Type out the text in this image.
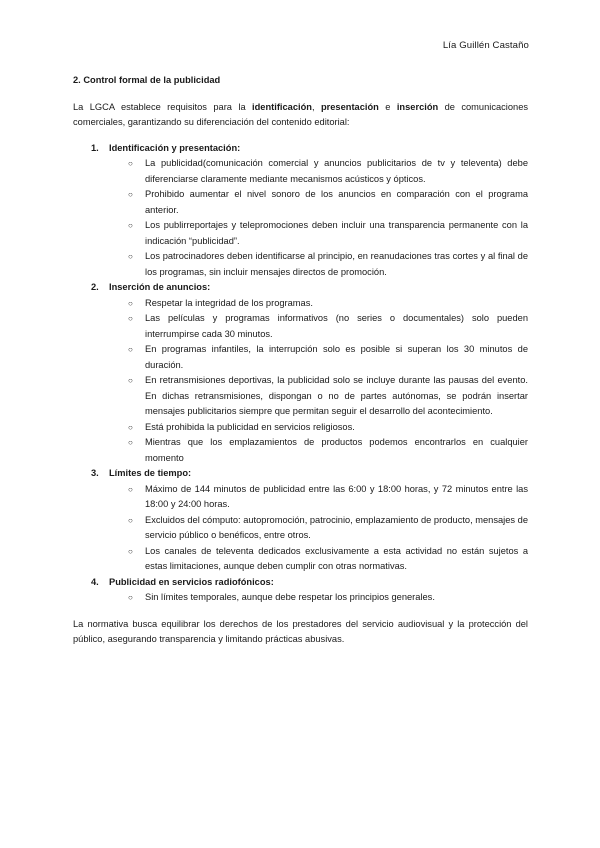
Lía Guillén Castaño

2. Control formal de la publicidad

La LGCA establece requisitos para la identificación, presentación e inserción de comunicaciones comerciales, garantizando su diferenciación del contenido editorial:

1. Identificación y presentación:
○ La publicidad(comunicación comercial y anuncios publicitarios de tv y televenta) debe diferenciarse claramente mediante mecanismos acústicos y ópticos.
○ Prohibido aumentar el nivel sonoro de los anuncios en comparación con el programa anterior.
○ Los publirreportajes y telepromociones deben incluir una transparencia permanente con la indicación “publicidad”.
○ Los patrocinadores deben identificarse al principio, en reanudaciones tras cortes y al final de los programas, sin incluir mensajes directos de promoción.
2. Inserción de anuncios:
○ Respetar la integridad de los programas.
○ Las películas y programas informativos (no series o documentales) solo pueden interrumpirse cada 30 minutos.
○ En programas infantiles, la interrupción solo es posible si superan los 30 minutos de duración.
○ En retransmisiones deportivas, la publicidad solo se incluye durante las pausas del evento. En dichas retransmisiones, dispongan o no de partes autónomas, se podrán insertar mensajes publicitarios siempre que permitan seguir el desarrollo del acontecimiento.
○ Está prohibida la publicidad en servicios religiosos.
○ Mientras que los emplazamientos de productos podemos encontrarlos en cualquier momento
3. Límites de tiempo:
○ Máximo de 144 minutos de publicidad entre las 6:00 y 18:00 horas, y 72 minutos entre las 18:00 y 24:00 horas.
○ Excluidos del cómputo: autopromoción, patrocinio, emplazamiento de producto, mensajes de servicio público o benéficos, entre otros.
○ Los canales de televenta dedicados exclusivamente a esta actividad no están sujetos a estas limitaciones, aunque deben cumplir con otras normativas.
4. Publicidad en servicios radiofónicos:
○ Sin límites temporales, aunque debe respetar los principios generales.

La normativa busca equilibrar los derechos de los prestadores del servicio audiovisual y la protección del público, asegurando transparencia y limitando prácticas abusivas.
